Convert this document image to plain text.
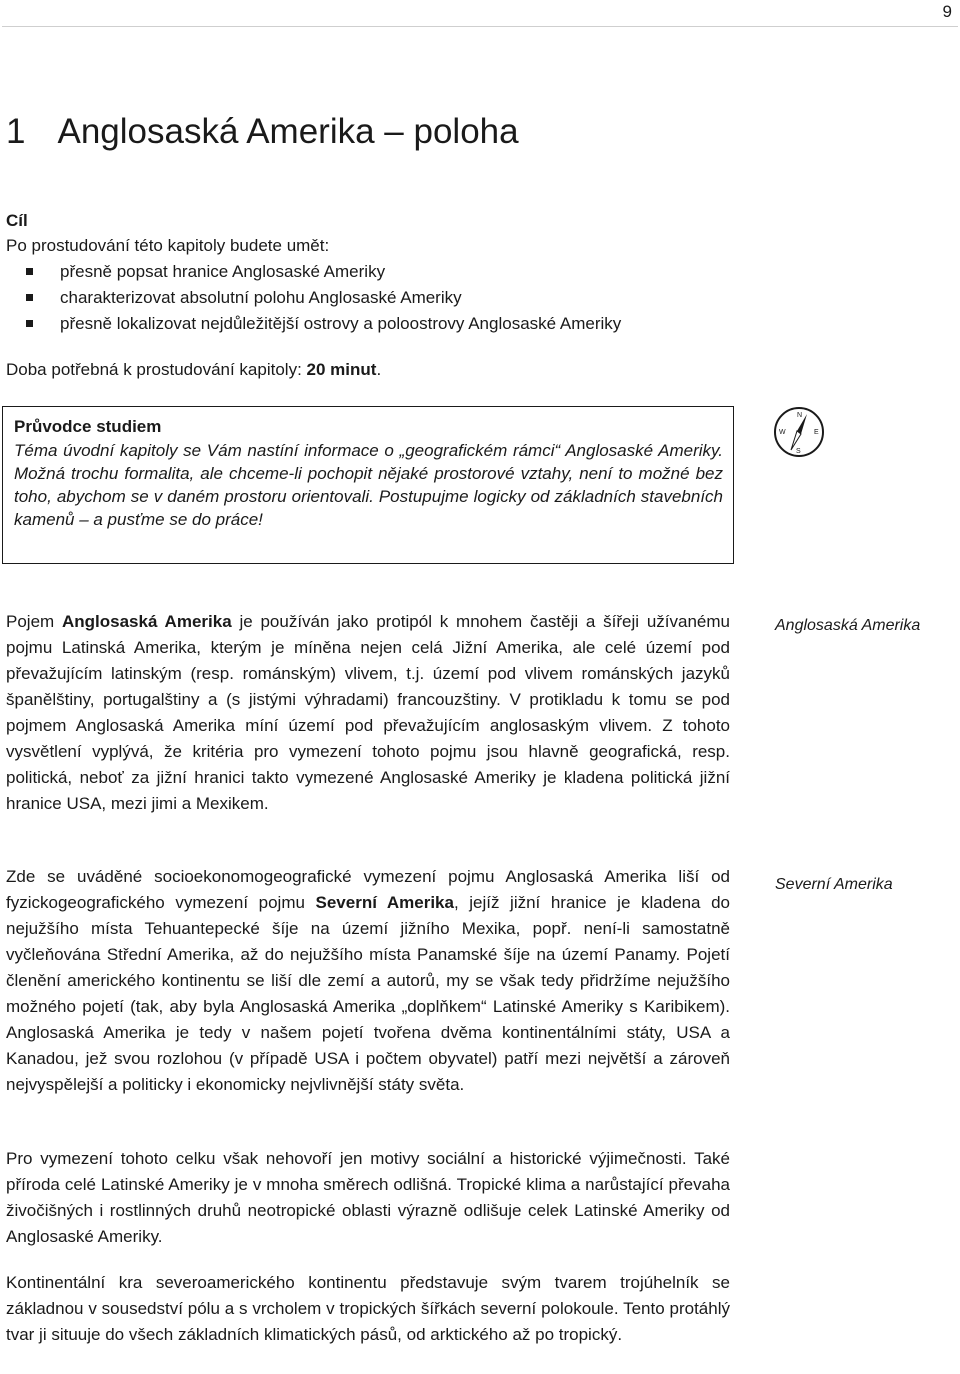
9
1 Anglosaská Amerika – poloha
Cíl
Po prostudování této kapitoly budete umět:
přesně popsat hranice Anglosaské Ameriky
charakterizovat absolutní polohu Anglosaské Ameriky
přesně lokalizovat nejdůležitější ostrovy a poloostrovy Anglosaské Ameriky
Doba potřebná k prostudování kapitoly: 20 minut.
Průvodce studiem
Téma úvodní kapitoly se Vám nastíní informace o „geografickém rámci“ Anglosaské Ameriky. Možná trochu formalita, ale chceme-li pochopit nějaké prostorové vztahy, není to možné bez toho, abychom se v daném prostoru orientovali. Postupujme logicky od základních stavebních kamenů – a pusťme se do práce!
N
W	E
S

Pojem Anglosaská Amerika je používán jako protipól k mnohem častěji a šířeji užívanému pojmu Latinská Amerika, kterým je míněna nejen celá Jižní Amerika, ale celé území pod převažujícím latinským (resp. románským) vlivem, t.j. území pod vlivem románských jazyků španělštiny, portugalštiny a (s jistými výhradami) francouzštiny. V protikladu k tomu se pod pojmem Anglosaská Amerika míní území pod převažujícím anglosaským vlivem. Z tohoto vysvětlení vyplývá, že kritéria pro vymezení tohoto pojmu jsou hlavně geografická, resp. politická, neboť za jižní hranici takto vymezené Anglosaské Ameriky je kladena politická jižní hranice USA, mezi jimi a Mexikem.

Anglosaská Amerika

Zde se uváděné socioekonomogeografické vymezení pojmu Anglosaská Amerika liší od fyzickogeografického vymezení pojmu Severní Amerika, jejíž jižní hranice je kladena do nejužšího místa Tehuantepecké šíje na území jižního Mexika, popř. není-li samostatně vyčleňována Střední Amerika, až do nejužšího místa Panamské šíje na území Panamy. Pojetí členění amerického kontinentu se liší dle zemí a autorů, my se však tedy přidržíme nejužšího možného pojetí (tak, aby byla Anglosaská Amerika „doplňkem“ Latinské Ameriky s Karibikem). Anglosaská Amerika je tedy v našem pojetí tvořena dvěma kontinentálními státy, USA a Kanadou, jež svou rozlohou (v případě USA i počtem obyvatel) patří mezi největší a zároveň nejvyspělejší a politicky i ekonomicky nejvlivnější státy světa.

Severní Amerika

Pro vymezení tohoto celku však nehovoří jen motivy sociální a historické výjimečnosti. Také příroda celé Latinské Ameriky je v mnoha směrech odlišná. Tropické klima a narůstající převaha živočišných i rostlinných druhů neotropické oblasti výrazně odlišuje celek Latinské Ameriky od Anglosaské Ameriky.

Kontinentální kra severoamerického kontinentu představuje svým tvarem trojúhelník se základnou v sousedství pólu a s vrcholem v tropických šířkách severní polokoule. Tento protáhlý tvar ji situuje do všech základních klimatických pásů, od arktického až po tropický.
